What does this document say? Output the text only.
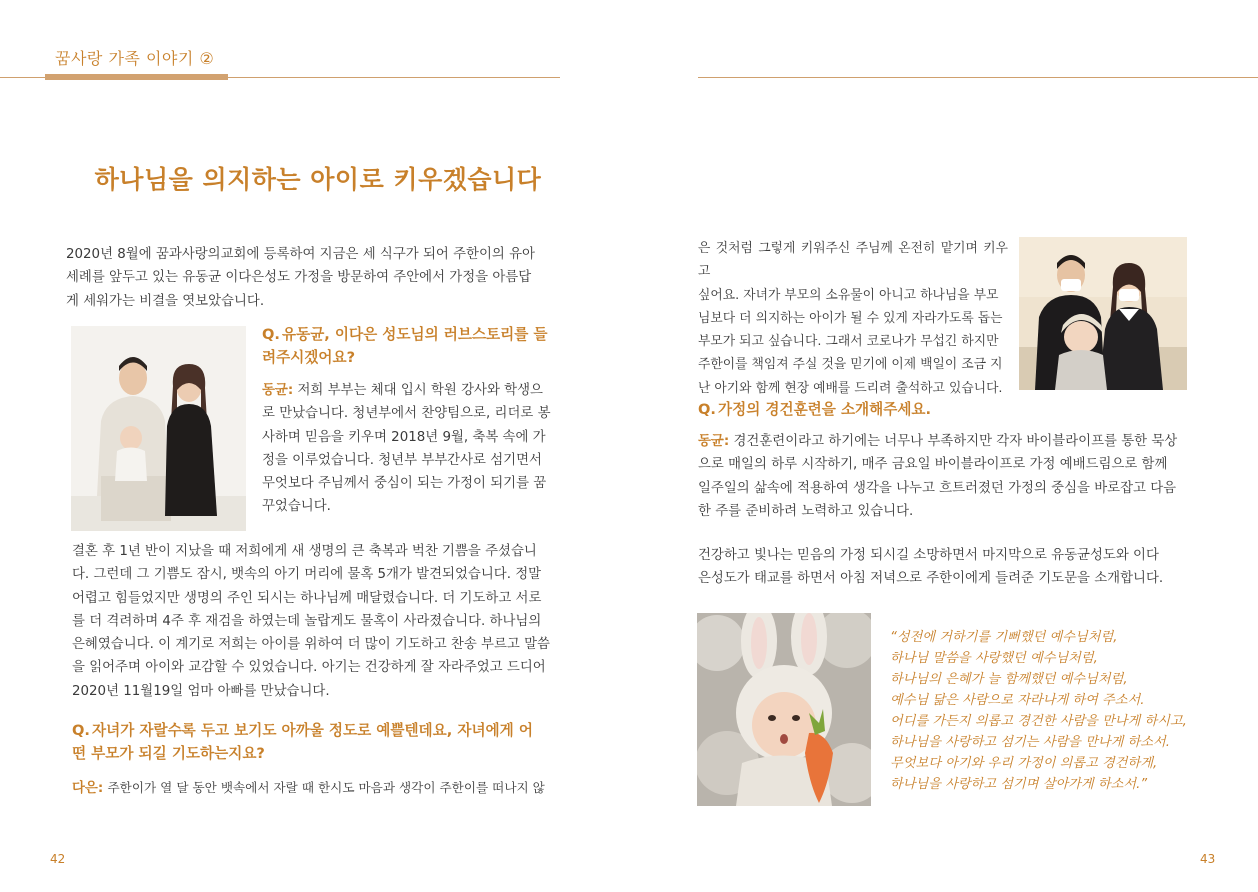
꿈사랑 가족 이야기 ②
하나님을 의지하는 아이로 키우겠습니다
2020년 8월에 꿈과사랑의교회에 등록하여 지금은 세 식구가 되어 주한이의 유아
세례를 앞두고 있는 유동균 이다은성도 가정을 방문하여 주안에서 가정을 아름답
게 세워가는 비결을 엿보았습니다.
Q. 유동균, 이다은 성도님의 러브스토리를 들
려주시겠어요?
동균: 저희 부부는 체대 입시 학원 강사와 학생으
로 만났습니다. 청년부에서 찬양팀으로, 리더로 봉
사하며 믿음을 키우며 2018년 9월, 축복 속에 가
정을 이루었습니다. 청년부 부부간사로 섬기면서
무엇보다 주님께서 중심이 되는 가정이 되기를 꿈
꾸었습니다.
결혼 후 1년 반이 지났을 때 저희에게 새 생명의 큰 축복과 벅찬 기쁨을 주셨습니
다. 그런데 그 기쁨도 잠시, 뱃속의 아기 머리에 물혹 5개가 발견되었습니다. 정말
어렵고 힘들었지만 생명의 주인 되시는 하나님께 매달렸습니다. 더 기도하고 서로
를 더 격려하며 4주 후 재검을 하였는데 놀랍게도 물혹이 사라졌습니다. 하나님의
은혜였습니다. 이 계기로 저희는 아이를 위하여 더 많이 기도하고 찬송 부르고 말씀
을 읽어주며 아이와 교감할 수 있었습니다. 아기는 건강하게 잘 자라주었고 드디어
2020년 11월19일 엄마 아빠를 만났습니다.
Q. 자녀가 자랄수록 두고 보기도 아까울 정도로 예쁠텐데요, 자녀에게 어
떤 부모가 되길 기도하는지요?
다은: 주한이가 열 달 동안 뱃속에서 자랄 때 한시도 마음과 생각이 주한이를 떠나지 않
42
은 것처럼 그렇게 키워주신 주님께 온전히 맡기며 키우고
싶어요. 자녀가 부모의 소유물이 아니고 하나님을 부모
님보다 더 의지하는 아이가 될 수 있게 자라가도록 돕는
부모가 되고 싶습니다. 그래서 코로나가 무섭긴 하지만
주한이를 책임져 주실 것을 믿기에 이제 백일이 조금 지
난 아기와 함께 현장 예배를 드리려 출석하고 있습니다.
Q. 가정의 경건훈련을 소개해주세요.
동균: 경건훈련이라고 하기에는 너무나 부족하지만 각자 바이블라이프를 통한 묵상
으로 매일의 하루 시작하기, 매주 금요일 바이블라이프로 가정 예배드림으로 함께
일주일의 삶속에 적용하여 생각을 나누고 흐트러졌던 가정의 중심을 바로잡고 다음
한 주를 준비하려 노력하고 있습니다.
건강하고 빛나는 믿음의 가정 되시길 소망하면서 마지막으로 유동균성도와 이다
은성도가 태교를 하면서 아침 저녁으로 주한이에게 들려준 기도문을 소개합니다.
“성전에 거하기를 기뻐했던 예수님처럼,
하나님 말씀을 사랑했던 예수님처럼,
하나님의 은혜가 늘 함께했던 예수님처럼,
예수님 닮은 사람으로 자라나게 하여 주소서.
어디를 가든지 의롭고 경건한 사람을 만나게 하시고,
하나님을 사랑하고 섬기는 사람을 만나게 하소서.
무엇보다 아기와 우리 가정이 의롭고 경건하게,
하나님을 사랑하고 섬기며 살아가게 하소서.”
43
